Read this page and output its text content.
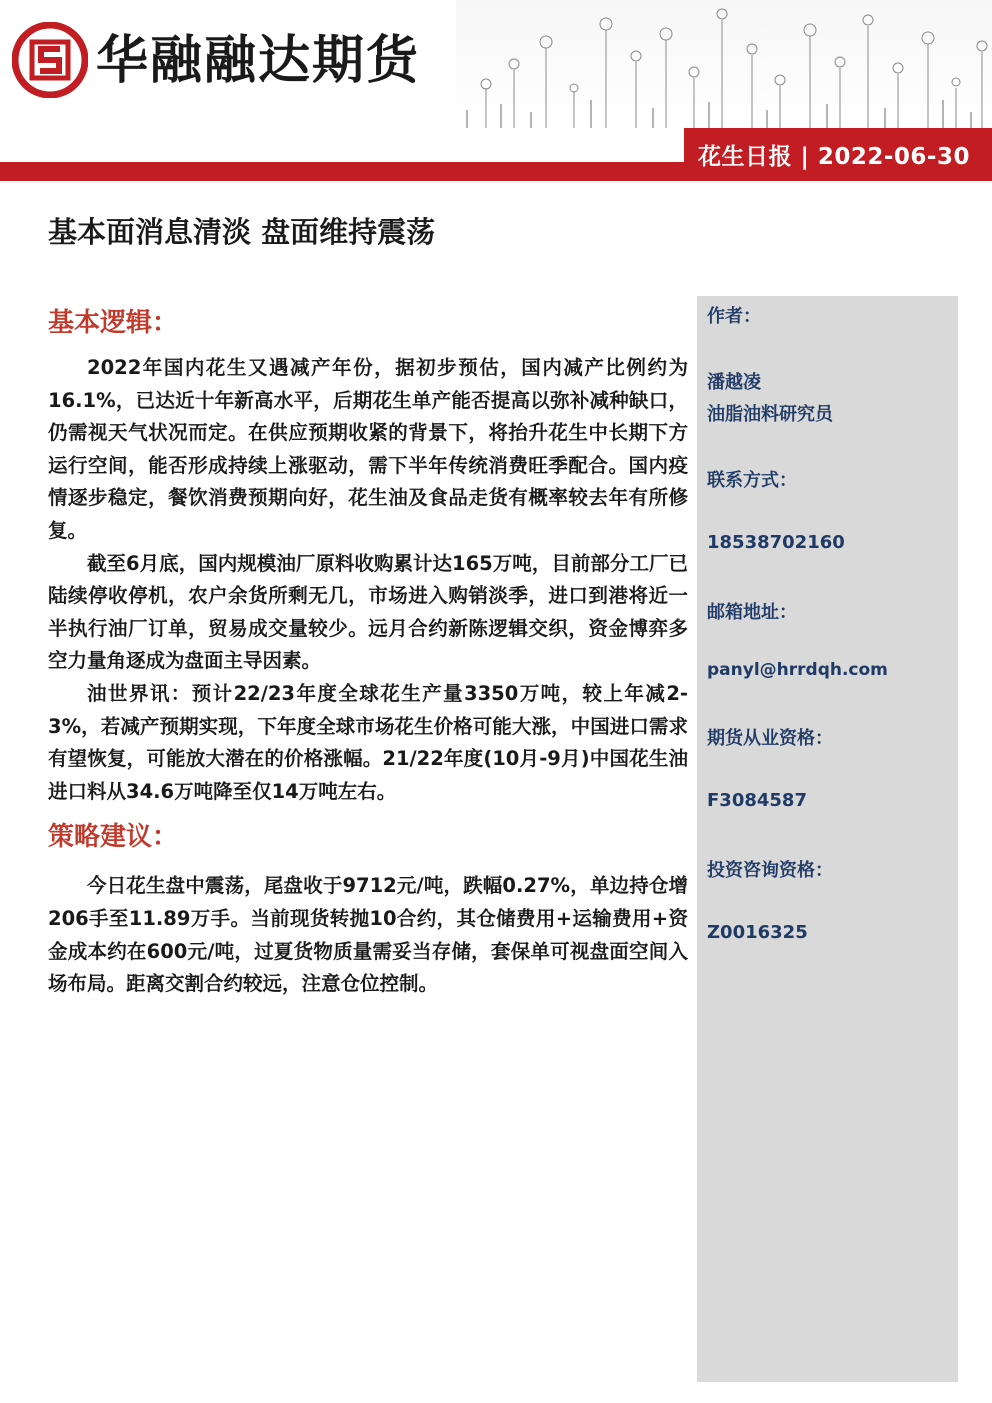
华融融达期货
花生日报 | 2022-06-30
基本面消息清淡 盘面维持震荡
作者：
潘越凌
油脂油料研究员
联系方式：
18538702160
邮箱地址：
panyl@hrrdqh.com
期货从业资格：
F3084587
投资咨询资格：
Z0016325
基本逻辑：

2022年国内花生又遇减产年份，据初步预估，国内减产比例约为16.1%，已达近十年新高水平，后期花生单产能否提高以弥补减种缺口，仍需视天气状况而定。在供应预期收紧的背景下，将抬升花生中长期下方运行空间，能否形成持续上涨驱动，需下半年传统消费旺季配合。国内疫情逐步稳定，餐饮消费预期向好，花生油及食品走货有概率较去年有所修复。

截至6月底，国内规模油厂原料收购累计达165万吨，目前部分工厂已陆续停收停机，农户余货所剩无几，市场进入购销淡季，进口到港将近一半执行油厂订单，贸易成交量较少。远月合约新陈逻辑交织，资金博弈多空力量角逐成为盘面主导因素。

油世界讯：预计22/23年度全球花生产量3350万吨，较上年减2-3%，若减产预期实现，下年度全球市场花生价格可能大涨，中国进口需求有望恢复，可能放大潜在的价格涨幅。21/22年度(10月-9月)中国花生油进口料从34.6万吨降至仅14万吨左右。

策略建议：

今日花生盘中震荡，尾盘收于9712元/吨，跌幅0.27%，单边持仓增206手至11.89万手。当前现货转抛10合约，其仓储费用+运输费用+资金成本约在600元/吨，过夏货物质量需妥当存储，套保单可视盘面空间入场布局。距离交割合约较远，注意仓位控制。
